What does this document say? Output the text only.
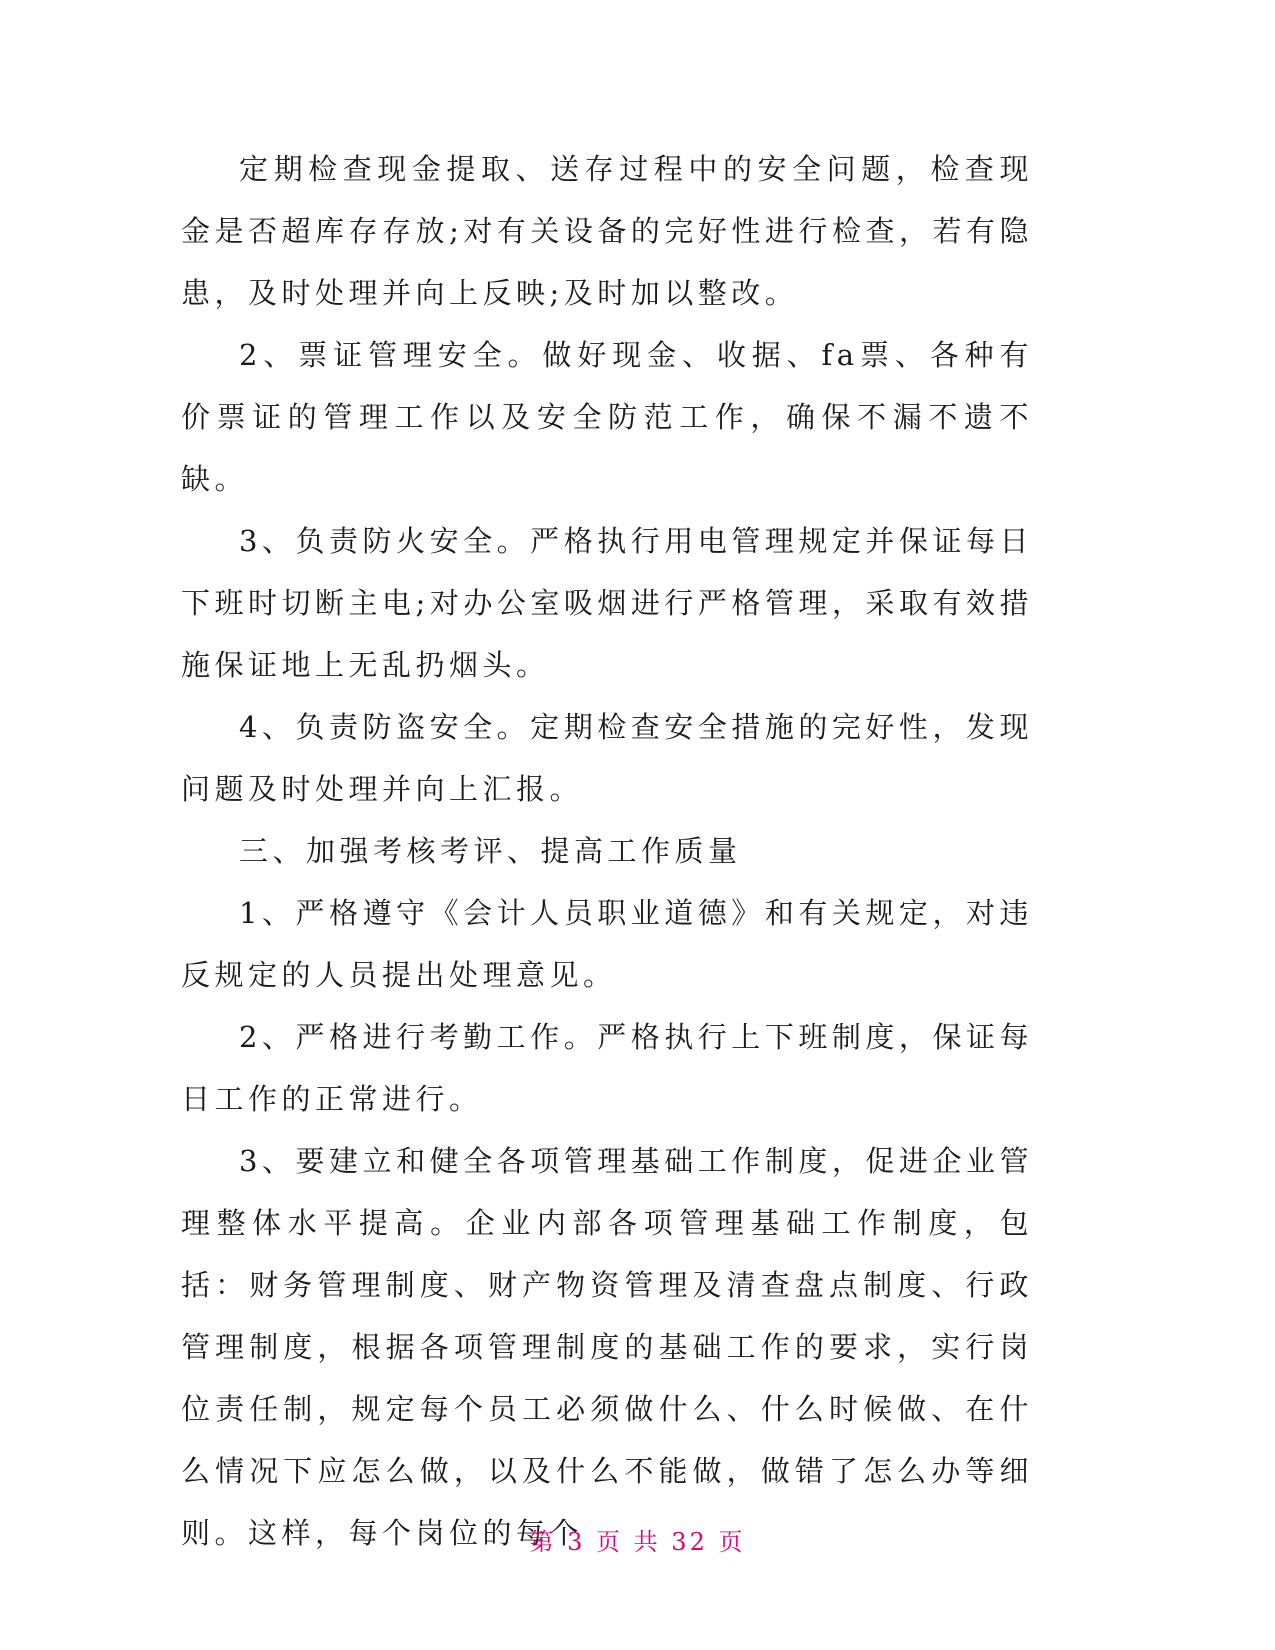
定期检查现金提取、送存过程中的安全问题，检查现金是否超库存存放;对有关设备的完好性进行检查，若有隐患，及时处理并向上反映;及时加以整改。

2、票证管理安全。做好现金、收据、fa票、各种有价票证的管理工作以及安全防范工作，确保不漏不遗不缺。

3、负责防火安全。严格执行用电管理规定并保证每日下班时切断主电;对办公室吸烟进行严格管理，采取有效措施保证地上无乱扔烟头。

4、负责防盗安全。定期检查安全措施的完好性，发现问题及时处理并向上汇报。

三、加强考核考评、提高工作质量

1、严格遵守《会计人员职业道德》和有关规定，对违反规定的人员提出处理意见。

2、严格进行考勤工作。严格执行上下班制度，保证每日工作的正常进行。

3、要建立和健全各项管理基础工作制度，促进企业管理整体水平提高。企业内部各项管理基础工作制度，包括：财务管理制度、财产物资管理及清查盘点制度、行政管理制度，根据各项管理制度的基础工作的要求，实行岗位责任制，规定每个员工必须做什么、什么时候做、在什么情况下应怎么做，以及什么不能做，做错了怎么办等细则。这样，每个岗位的每个

第 3 页 共 32 页
